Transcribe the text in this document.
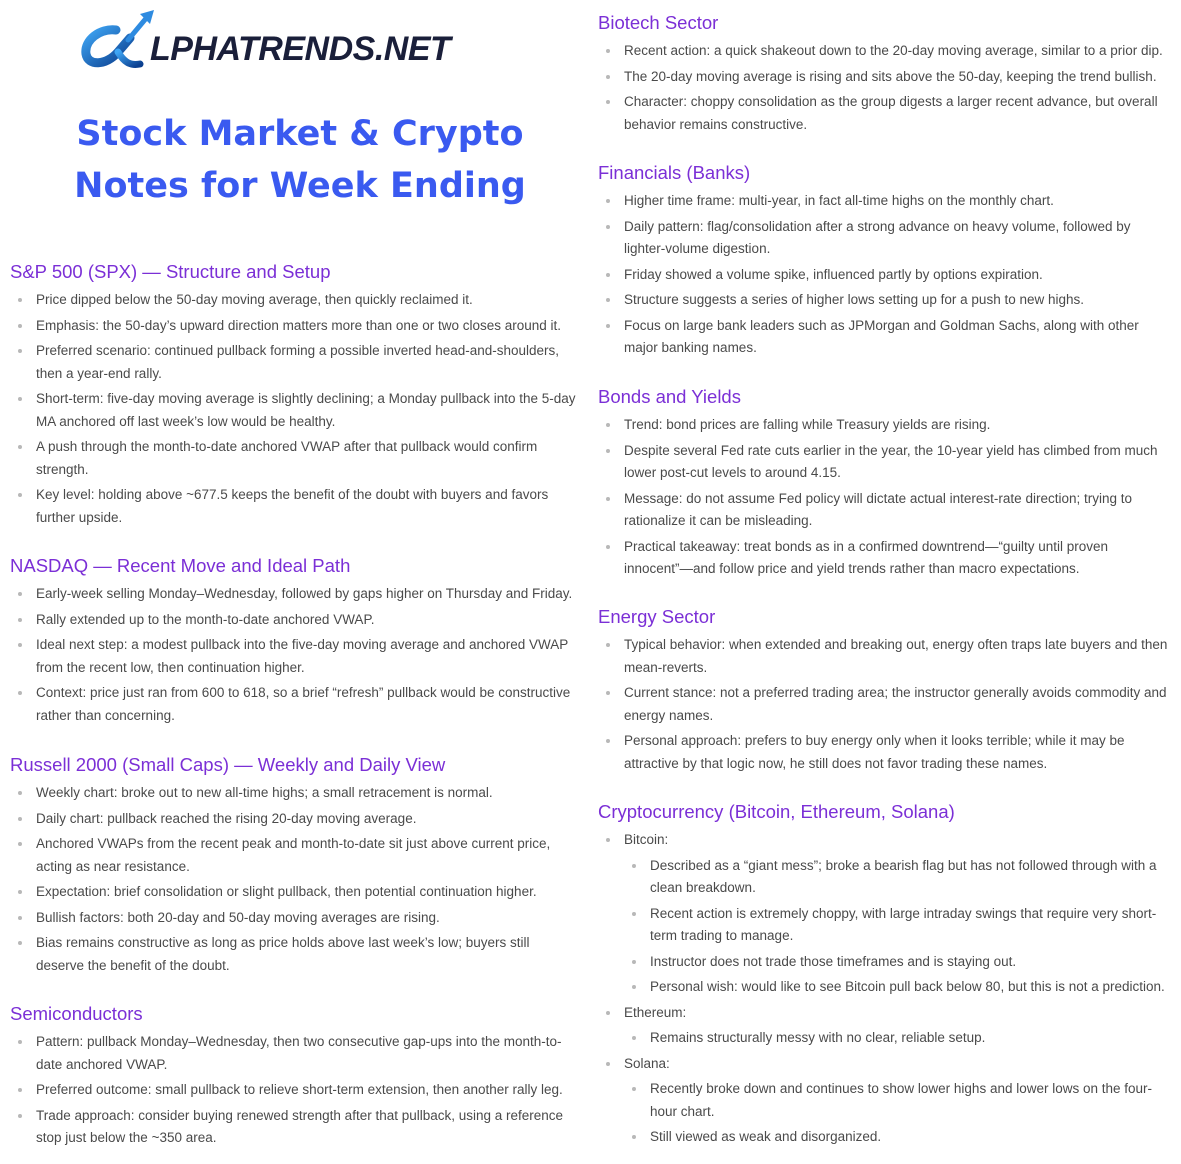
LPHATRENDS.NET
Stock Market & Crypto
Notes for Week Ending
S&P 500 (SPX) — Structure and Setup
Price dipped below the 50-day moving average, then quickly reclaimed it.
Emphasis: the 50-day’s upward direction matters more than one or two closes around it.
Preferred scenario: continued pullback forming a possible inverted head-and-shoulders, then a year-end rally.
Short-term: five-day moving average is slightly declining; a Monday pullback into the 5-day MA anchored off last week’s low would be healthy.
A push through the month-to-date anchored VWAP after that pullback would confirm strength.
Key level: holding above ~677.5 keeps the benefit of the doubt with buyers and favors further upside.
NASDAQ — Recent Move and Ideal Path
Early-week selling Monday–Wednesday, followed by gaps higher on Thursday and Friday.
Rally extended up to the month-to-date anchored VWAP.
Ideal next step: a modest pullback into the five-day moving average and anchored VWAP from the recent low, then continuation higher.
Context: price just ran from 600 to 618, so a brief “refresh” pullback would be constructive rather than concerning.
Russell 2000 (Small Caps) — Weekly and Daily View
Weekly chart: broke out to new all-time highs; a small retracement is normal.
Daily chart: pullback reached the rising 20-day moving average.
Anchored VWAPs from the recent peak and month-to-date sit just above current price, acting as near resistance.
Expectation: brief consolidation or slight pullback, then potential continuation higher.
Bullish factors: both 20-day and 50-day moving averages are rising.
Bias remains constructive as long as price holds above last week’s low; buyers still deserve the benefit of the doubt.
Semiconductors
Pattern: pullback Monday–Wednesday, then two consecutive gap-ups into the month-to-date anchored VWAP.
Preferred outcome: small pullback to relieve short-term extension, then another rally leg.
Trade approach: consider buying renewed strength after that pullback, using a reference stop just below the ~350 area.
Biotech Sector
Recent action: a quick shakeout down to the 20-day moving average, similar to a prior dip.
The 20-day moving average is rising and sits above the 50-day, keeping the trend bullish.
Character: choppy consolidation as the group digests a larger recent advance, but overall behavior remains constructive.
Financials (Banks)
Higher time frame: multi-year, in fact all-time highs on the monthly chart.
Daily pattern: flag/consolidation after a strong advance on heavy volume, followed by lighter-volume digestion.
Friday showed a volume spike, influenced partly by options expiration.
Structure suggests a series of higher lows setting up for a push to new highs.
Focus on large bank leaders such as JPMorgan and Goldman Sachs, along with other major banking names.
Bonds and Yields
Trend: bond prices are falling while Treasury yields are rising.
Despite several Fed rate cuts earlier in the year, the 10-year yield has climbed from much lower post-cut levels to around 4.15.
Message: do not assume Fed policy will dictate actual interest-rate direction; trying to rationalize it can be misleading.
Practical takeaway: treat bonds as in a confirmed downtrend—“guilty until proven innocent”—and follow price and yield trends rather than macro expectations.
Energy Sector
Typical behavior: when extended and breaking out, energy often traps late buyers and then mean-reverts.
Current stance: not a preferred trading area; the instructor generally avoids commodity and energy names.
Personal approach: prefers to buy energy only when it looks terrible; while it may be attractive by that logic now, he still does not favor trading these names.
Cryptocurrency (Bitcoin, Ethereum, Solana)
Bitcoin:
Described as a “giant mess”; broke a bearish flag but has not followed through with a clean breakdown.
Recent action is extremely choppy, with large intraday swings that require very short-term trading to manage.
Instructor does not trade those timeframes and is staying out.
Personal wish: would like to see Bitcoin pull back below 80, but this is not a prediction.
Ethereum:
Remains structurally messy with no clear, reliable setup.
Solana:
Recently broke down and continues to show lower highs and lower lows on the four-hour chart.
Still viewed as weak and disorganized.
